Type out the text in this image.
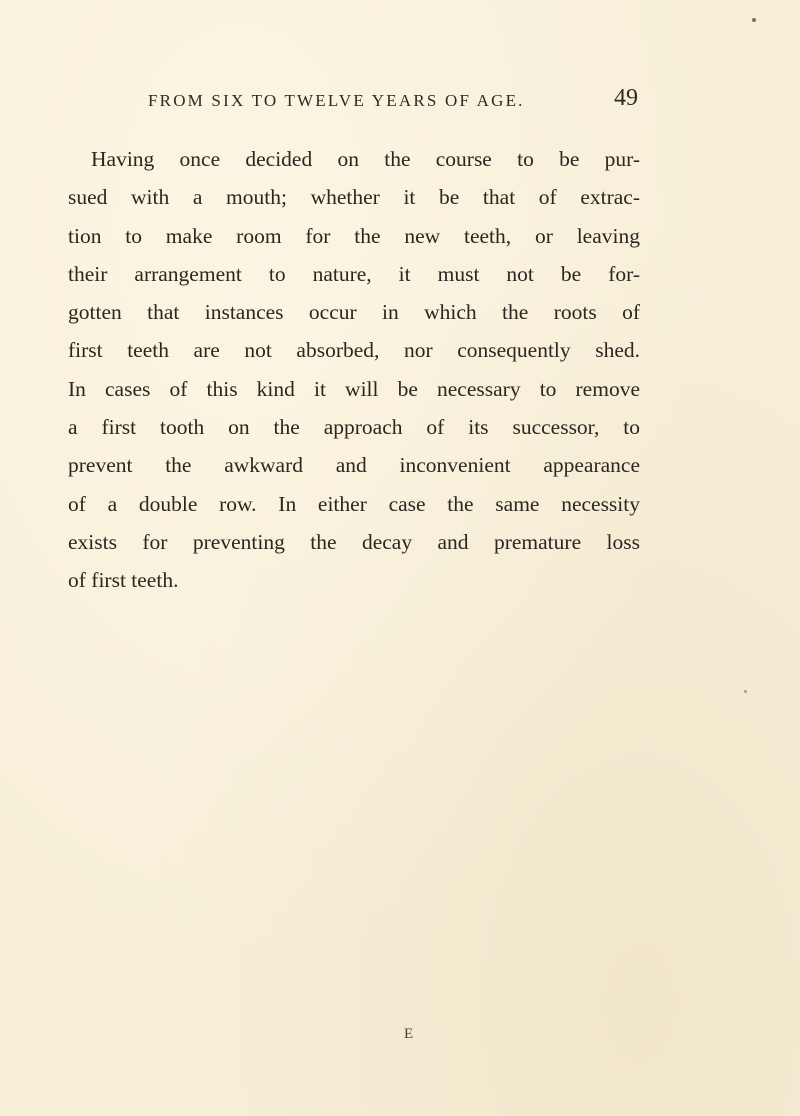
FROM SIX TO TWELVE YEARS OF AGE.	49
Having once decided on the course to be pur-
sued with a mouth; whether it be that of extrac-
tion to make room for the new teeth, or leaving
their arrangement to nature, it must not be for-
gotten that instances occur in which the roots of
first teeth are not absorbed, nor consequently shed.
In cases of this kind it will be necessary to remove
a first tooth on the approach of its successor, to
prevent the awkward and inconvenient appearance
of a double row. In either case the same necessity
exists for preventing the decay and premature loss
of first teeth.
E
